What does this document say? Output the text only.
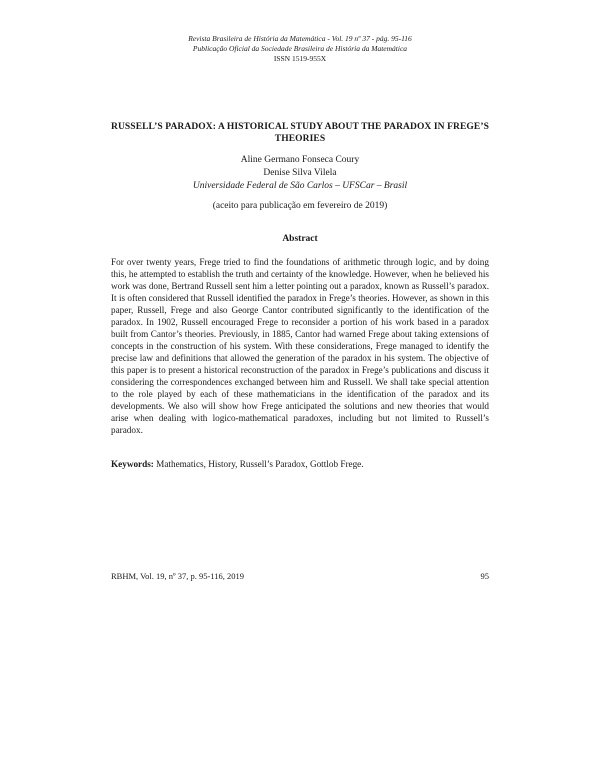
Revista Brasileira de História da Matemática - Vol. 19 nº 37 - pág. 95-116
Publicação Oficial da Sociedade Brasileira de História da Matemática
ISSN 1519-955X
RUSSELL’S PARADOX: A HISTORICAL STUDY ABOUT THE PARADOX IN FREGE’S THEORIES
Aline Germano Fonseca Coury
Denise Silva Vilela
Universidade Federal de São Carlos – UFSCar – Brasil
(aceito para publicação em fevereiro de 2019)
Abstract
For over twenty years, Frege tried to find the foundations of arithmetic through logic, and by doing this, he attempted to establish the truth and certainty of the knowledge. However, when he believed his work was done, Bertrand Russell sent him a letter pointing out a paradox, known as Russell’s paradox. It is often considered that Russell identified the paradox in Frege’s theories. However, as shown in this paper, Russell, Frege and also George Cantor contributed significantly to the identification of the paradox. In 1902, Russell encouraged Frege to reconsider a portion of his work based in a paradox built from Cantor’s theories. Previously, in 1885, Cantor had warned Frege about taking extensions of concepts in the construction of his system. With these considerations, Frege managed to identify the precise law and definitions that allowed the generation of the paradox in his system. The objective of this paper is to present a historical reconstruction of the paradox in Frege’s publications and discuss it considering the correspondences exchanged between him and Russell. We shall take special attention to the role played by each of these mathematicians in the identification of the paradox and its developments. We also will show how Frege anticipated the solutions and new theories that would arise when dealing with logico-mathematical paradoxes, including but not limited to Russell’s paradox.
Keywords: Mathematics, History, Russell’s Paradox, Gottlob Frege.
RBHM, Vol. 19, nº 37, p. 95-116, 2019	95
